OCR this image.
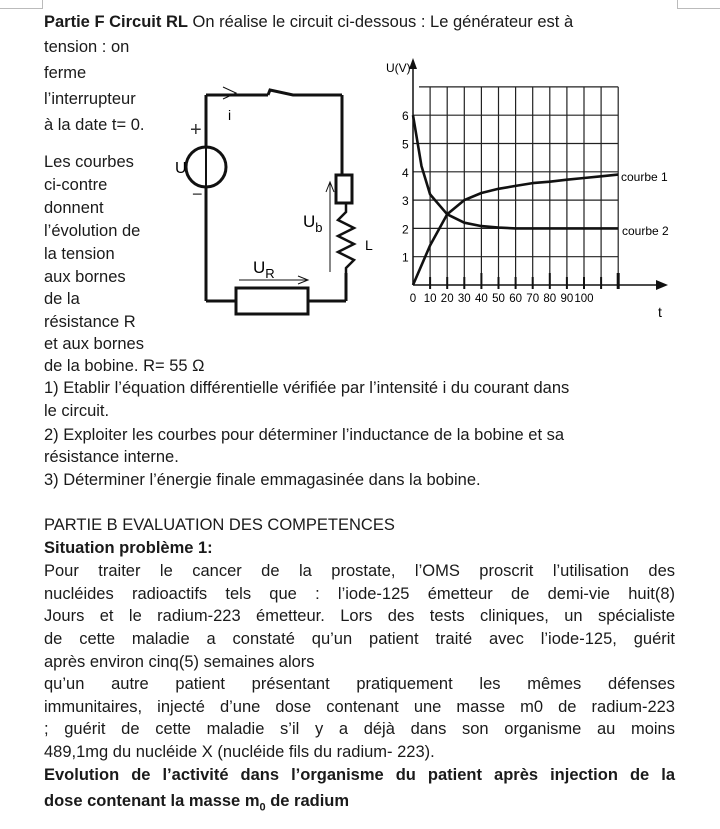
Partie F Circuit RL On réalise le circuit ci-dessous : Le générateur est à
tension : on
ferme
l’interrupteur
à la date t= 0.
Les courbes
ci-contre
donnent
l’évolution de
la tension
aux bornes
de la
résistance R
et aux bornes
de la bobine. R= 55 Ω
i
+
−
U
$U_b$
L
$U_R$
1
2
3
4
5
6
0 10 20 30 40 50 60 70 80 90 100
U(V)
t
courbe 1
courbe 2
1) Etablir l’équation différentielle vérifiée par l’intensité i du courant dans
le circuit.
2) Exploiter les courbes pour déterminer l’inductance de la bobine et sa
résistance interne.
3) Déterminer l’énergie finale emmagasinée dans la bobine.
PARTIE B EVALUATION DES COMPETENCES
Situation problème 1:
Pour traiter le cancer de la prostate, l’OMS proscrit l’utilisation des
nucléides radioactifs tels que : l’iode-125 émetteur de demi-vie huit(8)
Jours et le radium-223 émetteur. Lors des tests cliniques, un spécialiste
de cette maladie a constaté qu’un patient traité avec l’iode-125, guérit
après environ cinq(5) semaines alors
qu’un autre patient présentant pratiquement les mêmes défenses
immunitaires, injecté d’une dose contenant une masse m0 de radium-223
; guérit de cette maladie s’il y a déjà dans son organisme au moins
489,1mg du nucléide X (nucléide fils du radium- 223).
Evolution de l’activité dans l’organisme du patient après injection de la
dose contenant la masse $m_0$ de radium
